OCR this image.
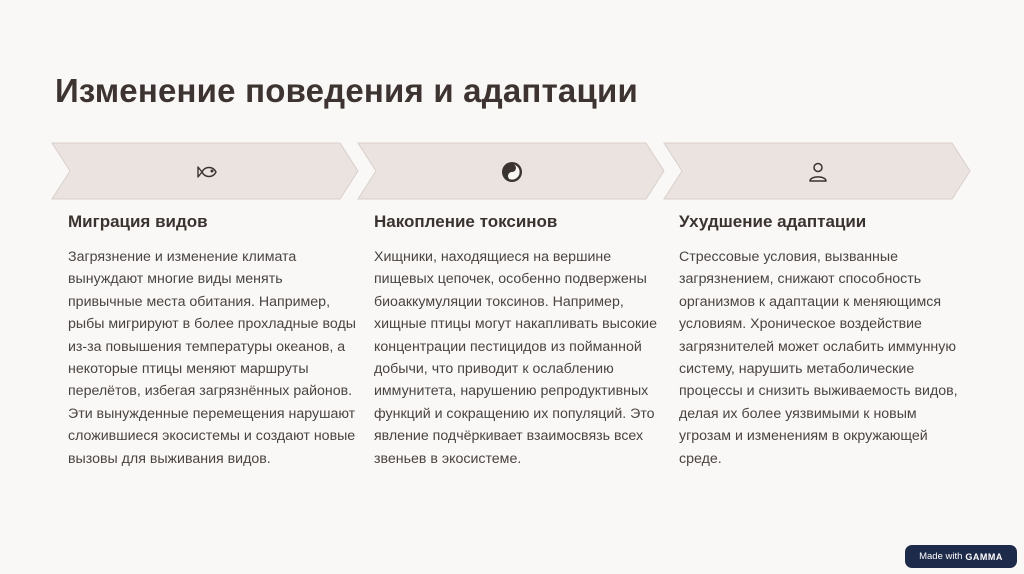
Изменение поведения и адаптации
Миграция видов

Загрязнение и изменение климата вынуждают многие виды менять привычные места обитания. Например, рыбы мигрируют в более прохладные воды из-за повышения температуры океанов, а некоторые птицы меняют маршруты перелётов, избегая загрязнённых районов. Эти вынужденные перемещения нарушают сложившиеся экосистемы и создают новые вызовы для выживания видов.

Накопление токсинов

Хищники, находящиеся на вершине пищевых цепочек, особенно подвержены биоаккумуляции токсинов. Например, хищные птицы могут накапливать высокие концентрации пестицидов из пойманной добычи, что приводит к ослаблению иммунитета, нарушению репродуктивных функций и сокращению их популяций. Это явление подчёркивает взаимосвязь всех звеньев в экосистеме.

Ухудшение адаптации

Стрессовые условия, вызванные загрязнением, снижают способность организмов к адаптации к меняющимся условиям. Хроническое воздействие загрязнителей может ослабить иммунную систему, нарушить метаболические процессы и снизить выживаемость видов, делая их более уязвимыми к новым угрозам и изменениям в окружающей среде.

Made with GAMMA
